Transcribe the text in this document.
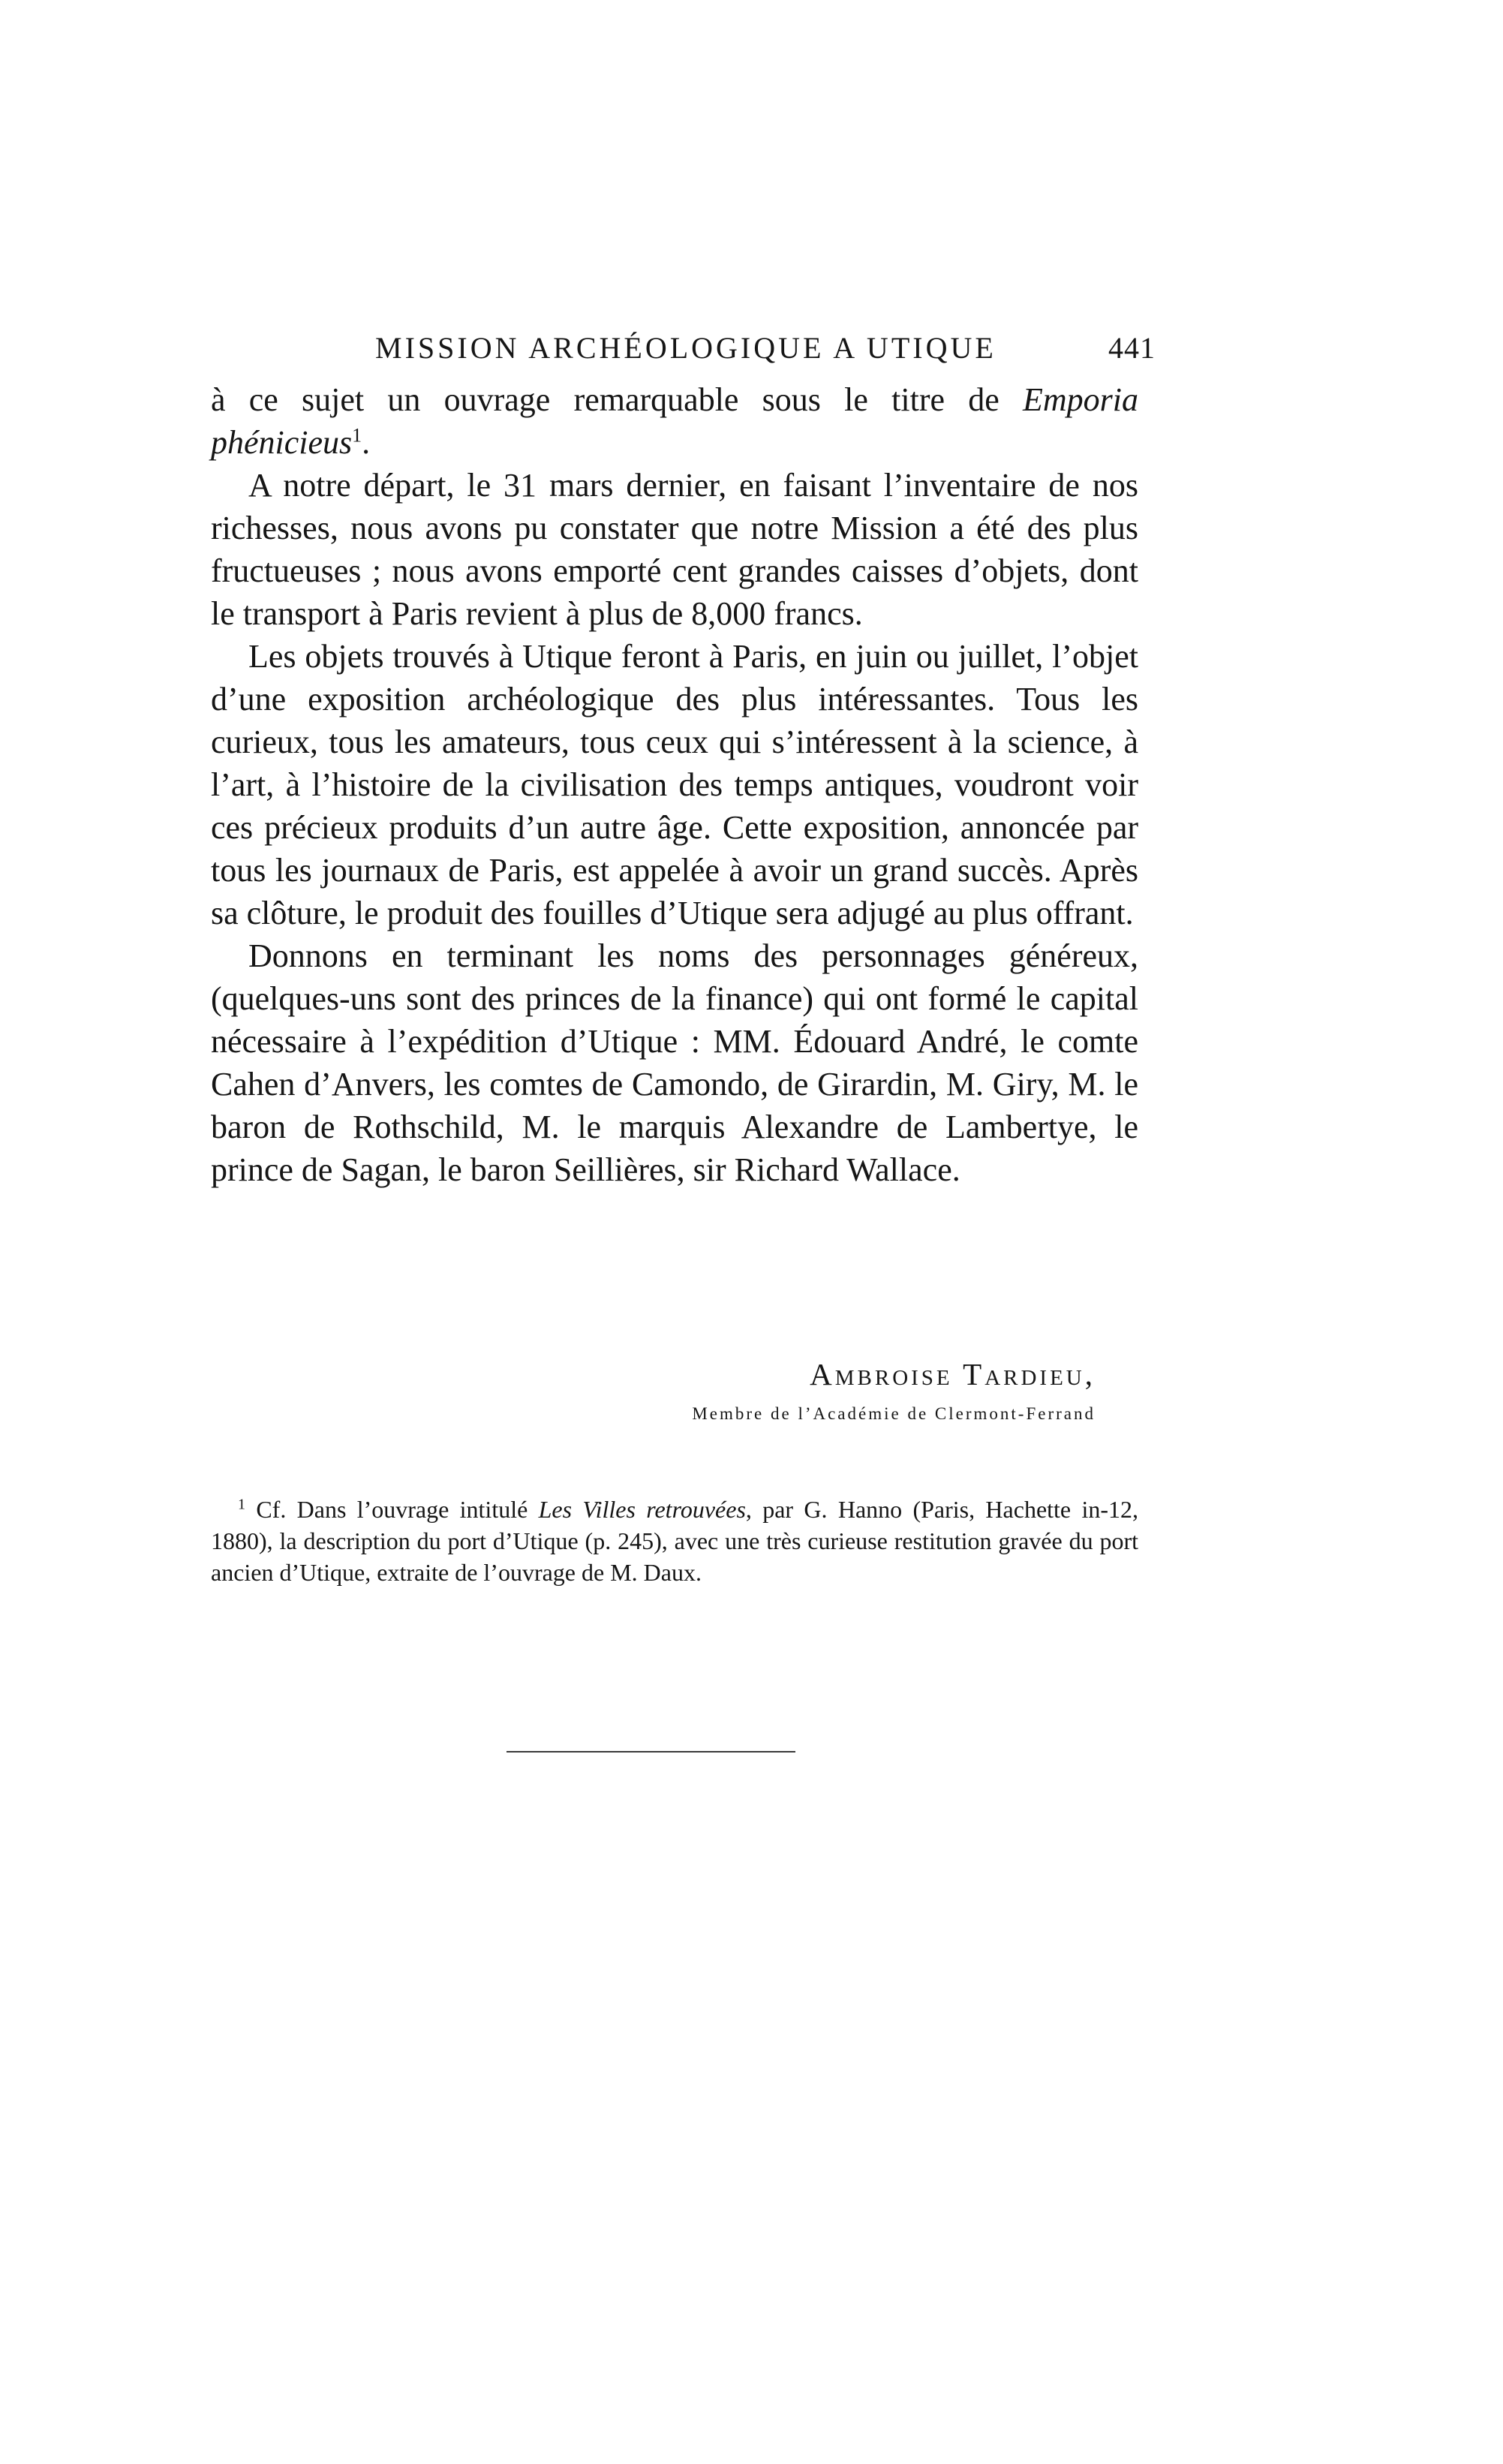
MISSION ARCHÉOLOGIQUE A UTIQUE	441

à ce sujet un ouvrage remarquable sous le titre de Emporia phénicieus$^1$.

A notre départ, le 31 mars dernier, en faisant l’inventaire de nos richesses, nous avons pu constater que notre Mission a été des plus fructueuses ; nous avons emporté cent grandes caisses d’objets, dont le transport à Paris revient à plus de 8,000 francs.

Les objets trouvés à Utique feront à Paris, en juin ou juillet, l’objet d’une exposition archéologique des plus intéressantes. Tous les curieux, tous les amateurs, tous ceux qui s’intéressent à la science, à l’art, à l’histoire de la civilisation des temps antiques, voudront voir ces précieux produits d’un autre âge. Cette exposition, annoncée par tous les journaux de Paris, est appelée à avoir un grand succès. Après sa clôture, le produit des fouilles d’Utique sera adjugé au plus offrant.

Donnons en terminant les noms des personnages généreux, (quelques-uns sont des princes de la finance) qui ont formé le capital nécessaire à l’expédition d’Utique : MM. Édouard André, le comte Cahen d’Anvers, les comtes de Camondo, de Girardin, M. Giry, M. le baron de Rothschild, M. le marquis Alexandre de Lambertye, le prince de Sagan, le baron Seillières, sir Richard Wallace.

Ambroise Tardieu,
Membre de l’Académie de Clermont-Ferrand
$^1$ Cf. Dans l’ouvrage intitulé Les Villes retrouvées, par G. Hanno (Paris, Hachette in-12, 1880), la description du port d’Utique (p. 245), avec une très curieuse restitution gravée du port ancien d’Utique, extraite de l’ouvrage de M. Daux.
